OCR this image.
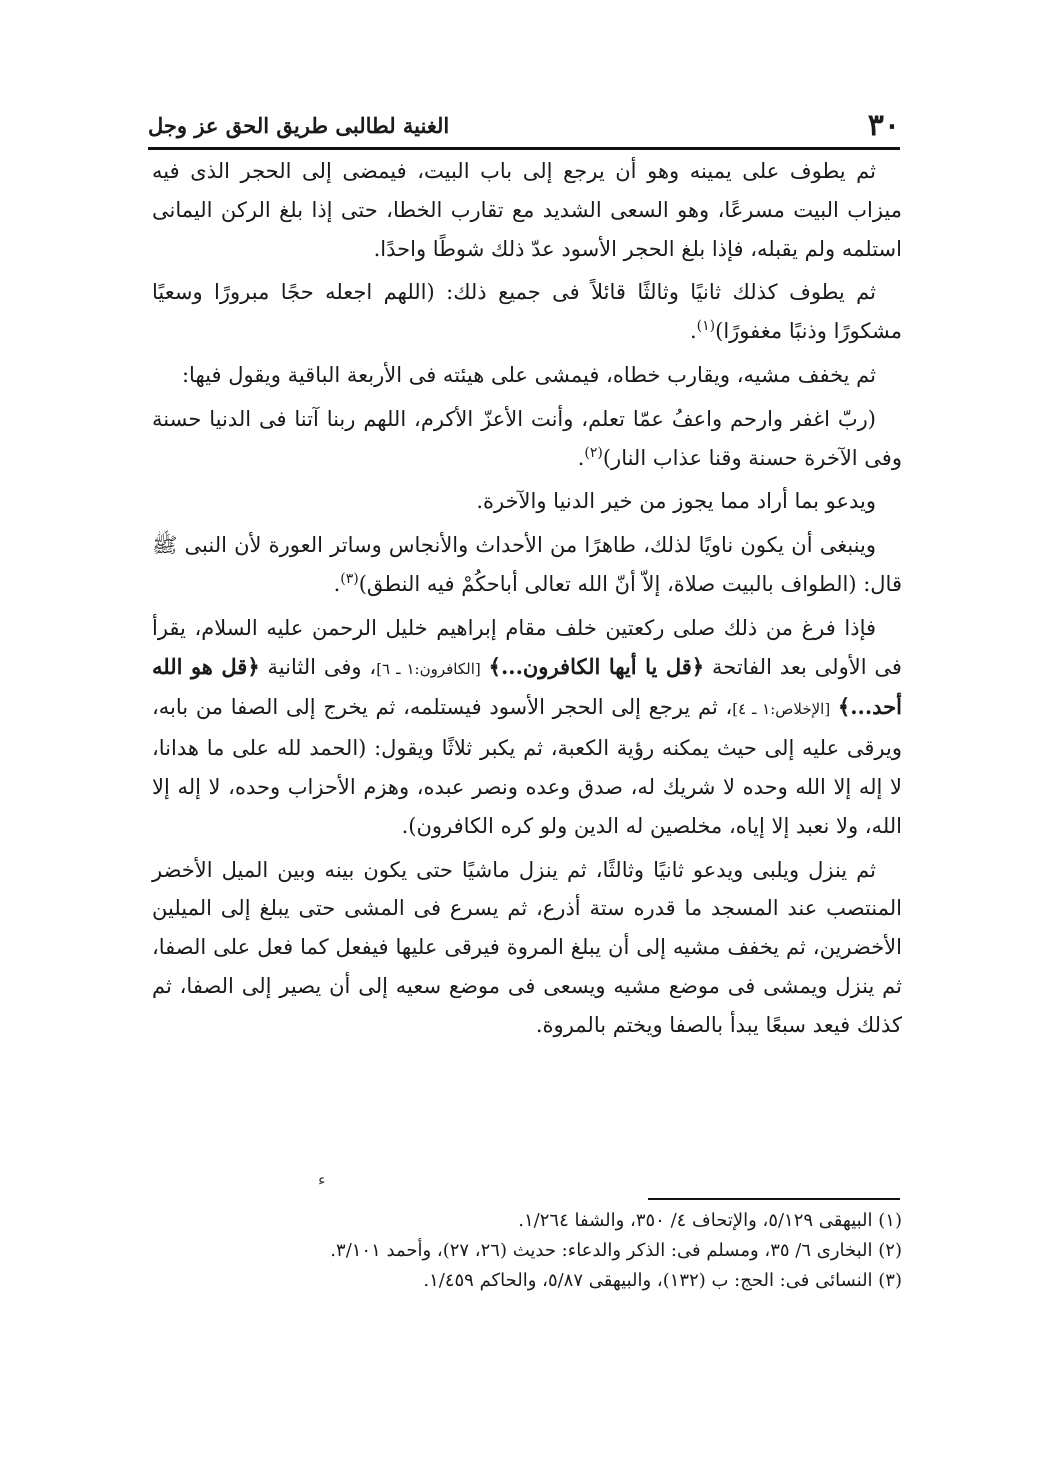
٣٠
الغنية لطالبى طريق الحق عز وجل

ثم يطوف على يمينه وهو أن يرجع إلى باب البيت، فيمضى إلى الحجر الذى فيه ميزاب البيت مسرعًا، وهو السعى الشديد مع تقارب الخطا، حتى إذا بلغ الركن اليمانى استلمه ولم يقبله، فإذا بلغ الحجر الأسود عدّ ذلك شوطًا واحدًا.

ثم يطوف كذلك ثانيًا وثالثًا قائلاً فى جميع ذلك: (اللهم اجعله حجًا مبرورًا وسعيًا مشكورًا وذنبًا مغفورًا)$^{(١)}$.

ثم يخفف مشيه، ويقارب خطاه، فيمشى على هيئته فى الأربعة الباقية ويقول فيها:

(ربّ اغفر وارحم واعفُ عمّا تعلم، وأنت الأعزّ الأكرم، اللهم ربنا آتنا فى الدنيا حسنة وفى الآخرة حسنة وقنا عذاب النار)$^{(٢)}$.

ويدعو بما أراد مما يجوز من خير الدنيا والآخرة.

وينبغى أن يكون ناويًا لذلك، طاهرًا من الأحداث والأنجاس وساتر العورة لأن النبى ﷺ قال: (الطواف بالبيت صلاة، إلاّ أنّ الله تعالى أباحكُمْ فيه النطق)$^{(٣)}$.

فإذا فرغ من ذلك صلى ركعتين خلف مقام إبراهيم خليل الرحمن عليه السلام، يقرأ فى الأولى بعد الفاتحة ﴿قل يا أيها الكافرون...﴾ [الكافرون:١ ـ ٦]، وفى الثانية ﴿قل هو الله أحد...﴾ [الإخلاص:١ ـ ٤]، ثم يرجع إلى الحجر الأسود فيستلمه، ثم يخرج إلى الصفا من بابه، ويرقى عليه إلى حيث يمكنه رؤية الكعبة، ثم يكبر ثلاثًا ويقول: (الحمد لله على ما هدانا، لا إله إلا الله وحده لا شريك له، صدق وعده ونصر عبده، وهزم الأحزاب وحده، لا إله إلا الله، ولا نعبد إلا إياه، مخلصين له الدين ولو كره الكافرون).

ثم ينزل ويلبى ويدعو ثانيًا وثالثًا، ثم ينزل ماشيًا حتى يكون بينه وبين الميل الأخضر المنتصب عند المسجد ما قدره ستة أذرع، ثم يسرع فى المشى حتى يبلغ إلى الميلين الأخضرين، ثم يخفف مشيه إلى أن يبلغ المروة فيرقى عليها فيفعل كما فعل على الصفا، ثم ينزل ويمشى فى موضع مشيه ويسعى فى موضع سعيه إلى أن يصير إلى الصفا، ثم كذلك فيعد سبعًا يبدأ بالصفا ويختم بالمروة.

ء
(١) البيهقى ٥/١٢٩، والإتحاف ٤/ ٣٥٠، والشفا ١/٢٦٤.
(٢) البخارى ٦/ ٣٥، ومسلم فى: الذكر والدعاء: حديث (٢٦، ٢٧)، وأحمد ٣/١٠١.
(٣) النسائى فى: الحج: ب (١٣٢)، والبيهقى ٥/٨٧، والحاكم ١/٤٥٩.
